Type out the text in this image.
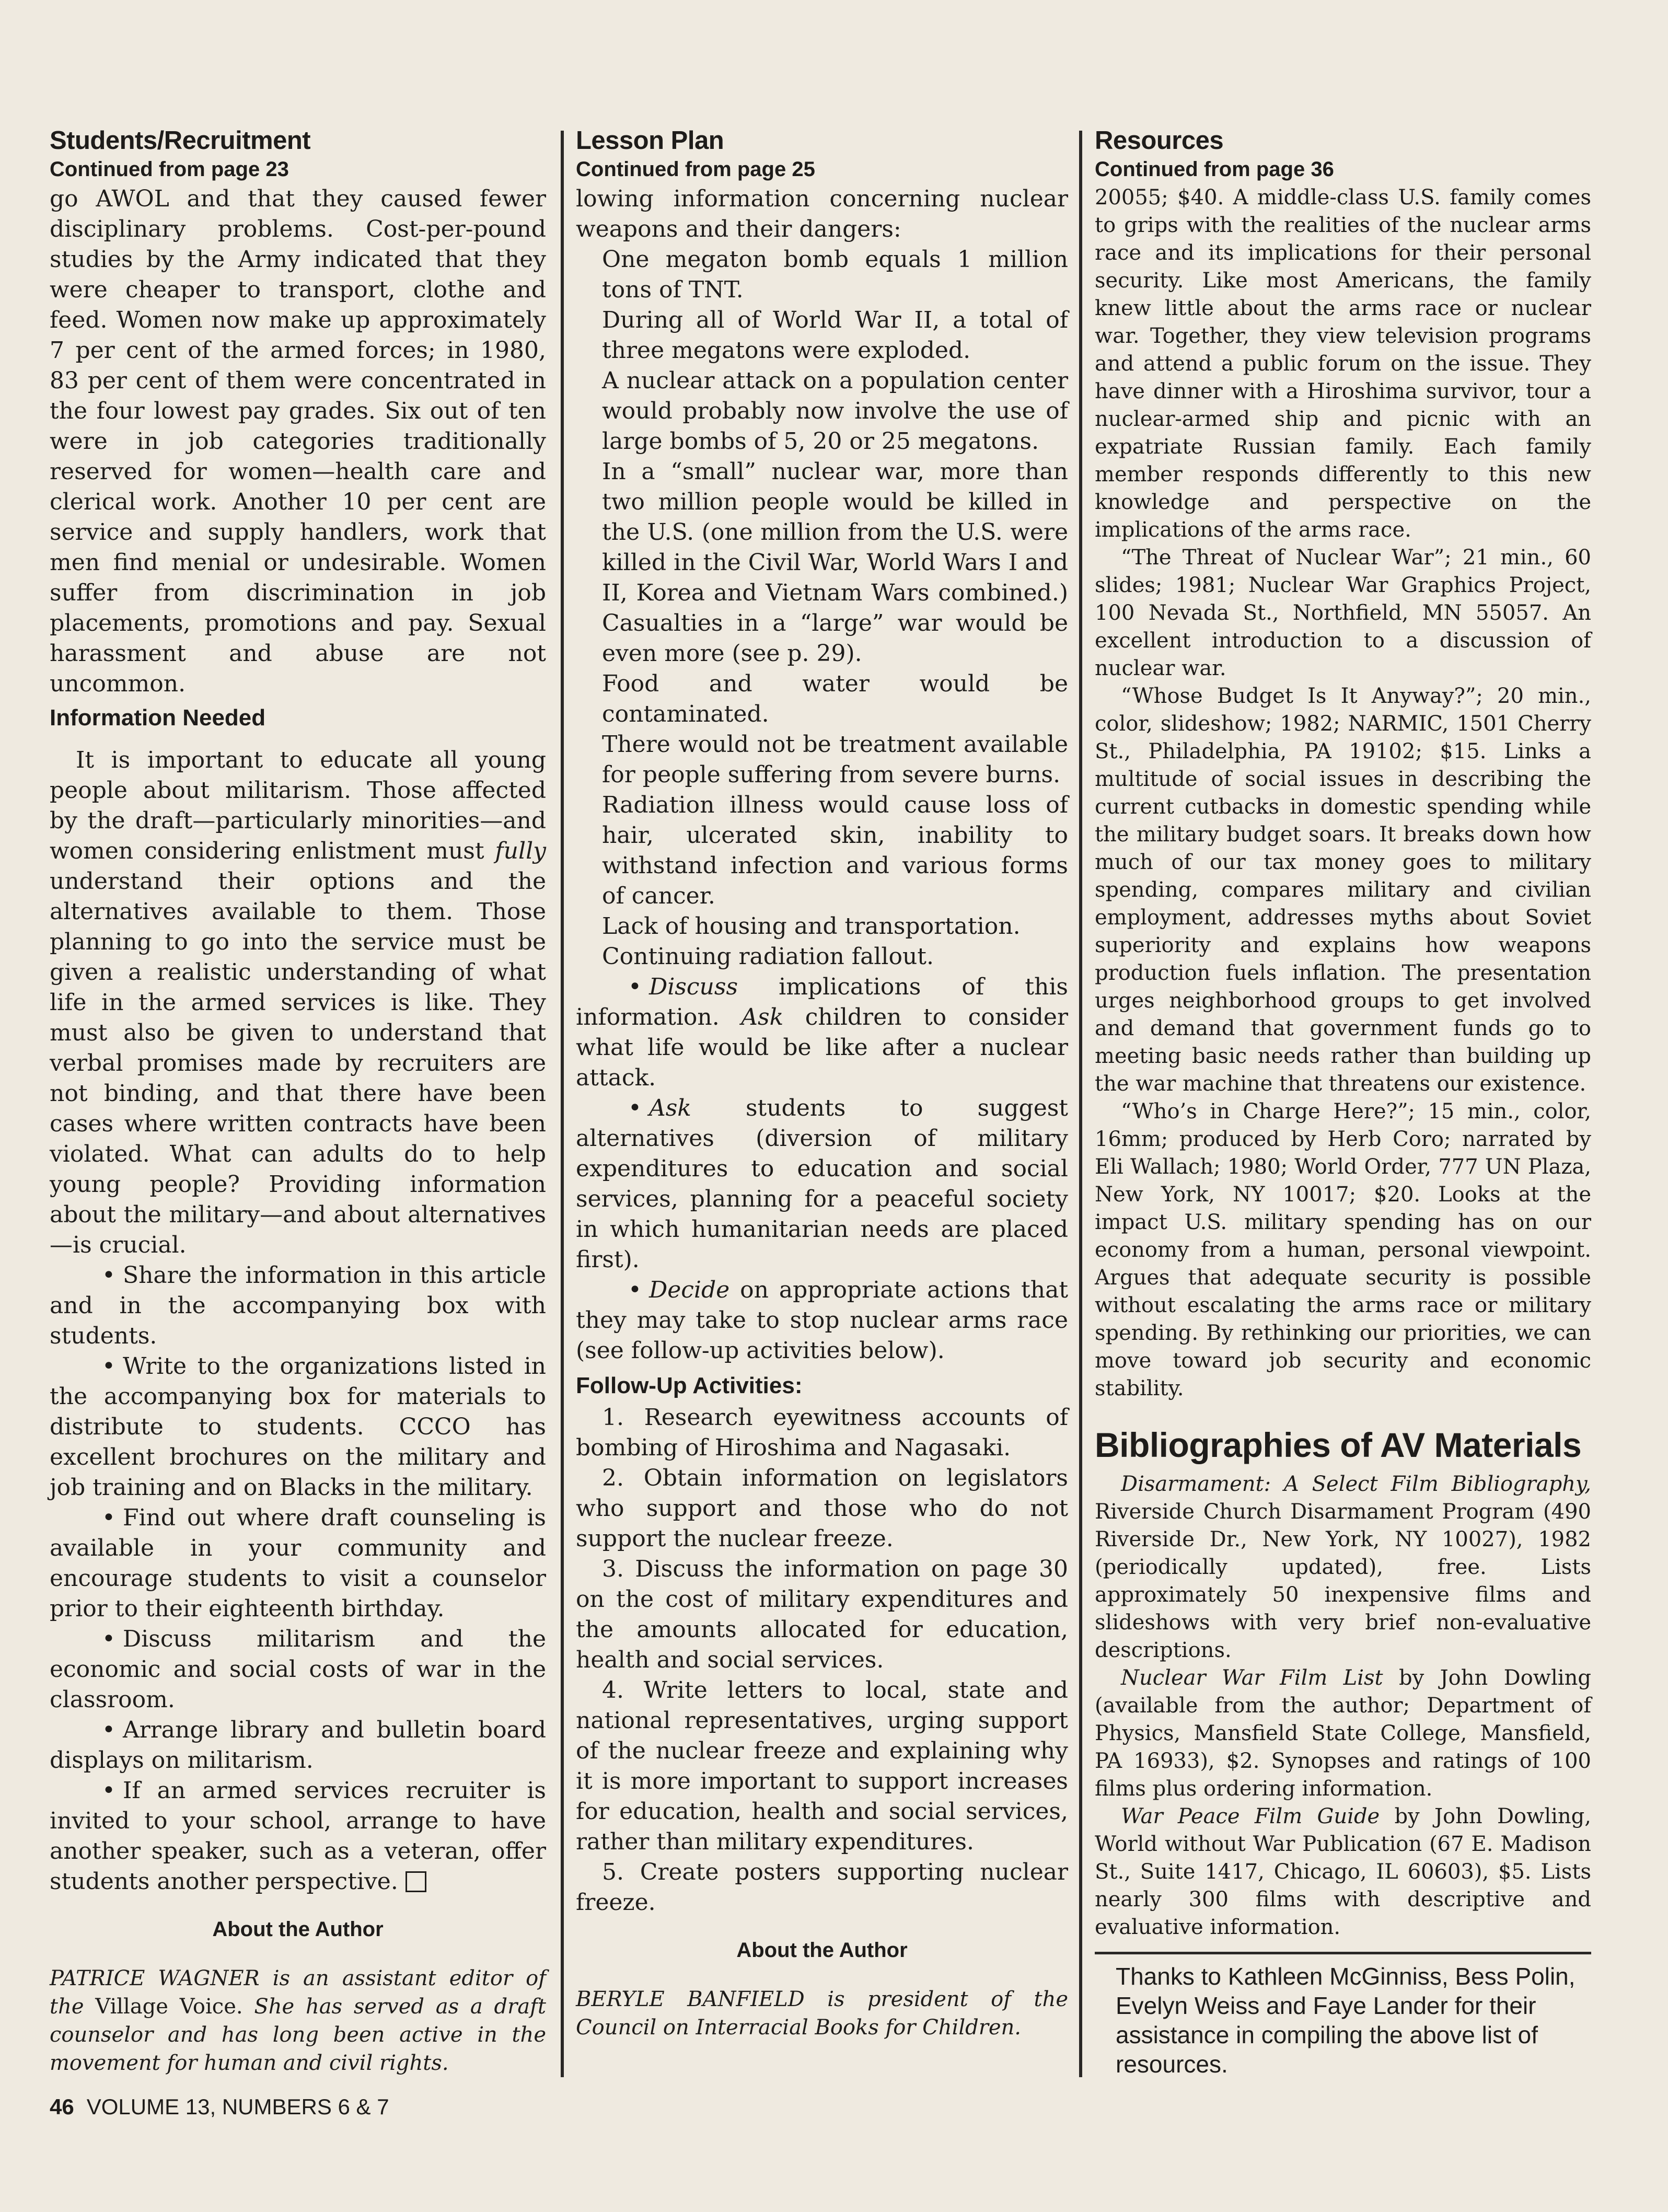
Students/Recruitment
Continued from page 23

go AWOL and that they caused fewer disciplinary problems. Cost-per-pound studies by the Army indicated that they were cheaper to transport, clothe and feed. Women now make up approximately 7 per cent of the armed forces; in 1980, 83 per cent of them were concentrated in the four lowest pay grades. Six out of ten were in job categories traditionally reserved for women—health care and clerical work. Another 10 per cent are service and supply handlers, work that men find menial or undesirable. Women suffer from discrimination in job placements, promotions and pay. Sexual harassment and abuse are not uncommon.

Information Needed

It is important to educate all young people about militarism. Those affected by the draft—particularly minorities—and women considering enlistment must fully understand their options and the alternatives available to them. Those planning to go into the service must be given a realistic understanding of what life in the armed services is like. They must also be given to understand that verbal promises made by recruiters are not binding, and that there have been cases where written contracts have been violated. What can adults do to help young people? Providing information about the military—and about alternatives—is crucial.

• Share the information in this article and in the accompanying box with students.

• Write to the organizations listed in the accompanying box for materials to distribute to students. CCCO has excellent brochures on the military and job training and on Blacks in the military.

• Find out where draft counseling is available in your community and encourage students to visit a counselor prior to their eighteenth birthday.

• Discuss militarism and the economic and social costs of war in the classroom.

• Arrange library and bulletin board displays on militarism.

• If an armed services recruiter is invited to your school, arrange to have another speaker, such as a veteran, offer students another perspective.

About the Author

PATRICE WAGNER is an assistant editor of the Village Voice. She has served as a draft counselor and has long been active in the movement for human and civil rights.

Lesson Plan
Continued from page 25

lowing information concerning nuclear weapons and their dangers:

One megaton bomb equals 1 million tons of TNT.

During all of World War II, a total of three megatons were exploded.

A nuclear attack on a population center would probably now involve the use of large bombs of 5, 20 or 25 megatons.

In a “small” nuclear war, more than two million people would be killed in the U.S. (one million from the U.S. were killed in the Civil War, World Wars I and II, Korea and Vietnam Wars combined.) Casualties in a “large” war would be even more (see p. 29).

Food and water would be contaminated.

There would not be treatment available for people suffering from severe burns.

Radiation illness would cause loss of hair, ulcerated skin, inability to withstand infection and various forms of cancer.

Lack of housing and transportation.

Continuing radiation fallout.

• Discuss implications of this information. Ask children to consider what life would be like after a nuclear attack.

• Ask students to suggest alternatives (diversion of military expenditures to education and social services, planning for a peaceful society in which humanitarian needs are placed first).

• Decide on appropriate actions that they may take to stop nuclear arms race (see follow-up activities below).

Follow-Up Activities:

1. Research eyewitness accounts of bombing of Hiroshima and Nagasaki.

2. Obtain information on legislators who support and those who do not support the nuclear freeze.

3. Discuss the information on page 30 on the cost of military expenditures and the amounts allocated for education, health and social services.

4. Write letters to local, state and national representatives, urging support of the nuclear freeze and explaining why it is more important to support increases for education, health and social services, rather than military expenditures.

5. Create posters supporting nuclear freeze.

About the Author

BERYLE BANFIELD is president of the Council on Interracial Books for Children.

Resources
Continued from page 36

20055; $40. A middle-class U.S. family comes to grips with the realities of the nuclear arms race and its implications for their personal security. Like most Americans, the family knew little about the arms race or nuclear war. Together, they view television programs and attend a public forum on the issue. They have dinner with a Hiroshima survivor, tour a nuclear-armed ship and picnic with an expatriate Russian family. Each family member responds differently to this new knowledge and perspective on the implications of the arms race.

“The Threat of Nuclear War”; 21 min., 60 slides; 1981; Nuclear War Graphics Project, 100 Nevada St., Northfield, MN 55057. An excellent introduction to a discussion of nuclear war.

“Whose Budget Is It Anyway?”; 20 min., color, slideshow; 1982; NARMIC, 1501 Cherry St., Philadelphia, PA 19102; $15. Links a multitude of social issues in describing the current cutbacks in domestic spending while the military budget soars. It breaks down how much of our tax money goes to military spending, compares military and civilian employment, addresses myths about Soviet superiority and explains how weapons production fuels inflation. The presentation urges neighborhood groups to get involved and demand that government funds go to meeting basic needs rather than building up the war machine that threatens our existence.

“Who’s in Charge Here?”; 15 min., color, 16mm; produced by Herb Coro; narrated by Eli Wallach; 1980; World Order, 777 UN Plaza, New York, NY 10017; $20. Looks at the impact U.S. military spending has on our economy from a human, personal viewpoint. Argues that adequate security is possible without escalating the arms race or military spending. By rethinking our priorities, we can move toward job security and economic stability.

Bibliographies of AV Materials

Disarmament: A Select Film Bibliography, Riverside Church Disarmament Program (490 Riverside Dr., New York, NY 10027), 1982 (periodically updated), free. Lists approximately 50 inexpensive films and slideshows with very brief non-evaluative descriptions.

Nuclear War Film List by John Dowling (available from the author; Department of Physics, Mansfield State College, Mansfield, PA 16933), $2. Synopses and ratings of 100 films plus ordering information.

War Peace Film Guide by John Dowling, World without War Publication (67 E. Madison St., Suite 1417, Chicago, IL 60603), $5. Lists nearly 300 films with descriptive and evaluative information.

Thanks to Kathleen McGinniss, Bess Polin, Evelyn Weiss and Faye Lander for their assistance in compiling the above list of resources.

46 VOLUME 13, NUMBERS 6 & 7
